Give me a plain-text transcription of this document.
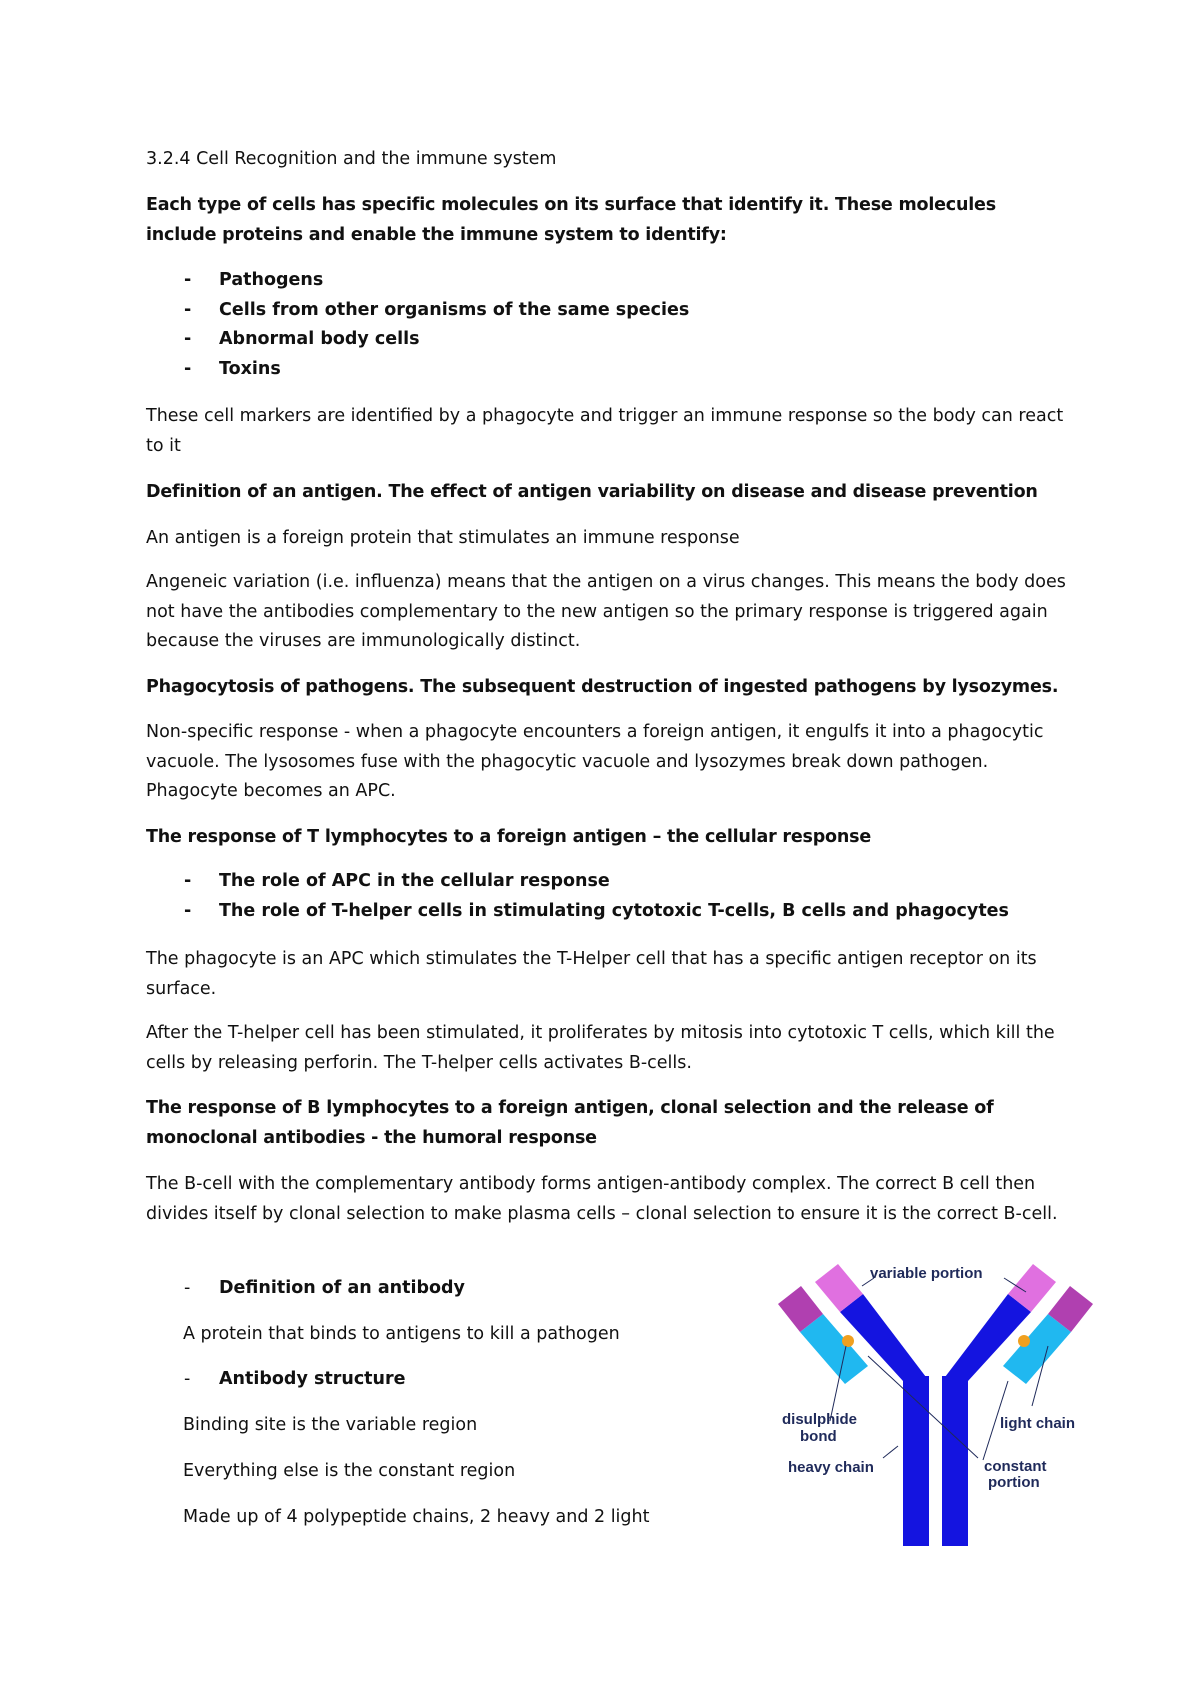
3.2.4 Cell Recognition and the immune system

Each type of cells has specific molecules on its surface that identify it. These molecules include proteins and enable the immune system to identify:

- Pathogens
- Cells from other organisms of the same species
- Abnormal body cells
- Toxins

These cell markers are identified by a phagocyte and trigger an immune response so the body can react to it

Definition of an antigen. The effect of antigen variability on disease and disease prevention

An antigen is a foreign protein that stimulates an immune response

Angeneic variation (i.e. influenza) means that the antigen on a virus changes. This means the body does not have the antibodies complementary to the new antigen so the primary response is triggered again because the viruses are immunologically distinct.

Phagocytosis of pathogens. The subsequent destruction of ingested pathogens by lysozymes.

Non-specific response - when a phagocyte encounters a foreign antigen, it engulfs it into a phagocytic vacuole. The lysosomes fuse with the phagocytic vacuole and lysozymes break down pathogen. Phagocyte becomes an APC.

The response of T lymphocytes to a foreign antigen – the cellular response

- The role of APC in the cellular response
- The role of T-helper cells in stimulating cytotoxic T-cells, B cells and phagocytes

The phagocyte is an APC which stimulates the T-Helper cell that has a specific antigen receptor on its surface.

After the T-helper cell has been stimulated, it proliferates by mitosis into cytotoxic T cells, which kill the cells by releasing perforin. The T-helper cells activates B-cells.

The response of B lymphocytes to a foreign antigen, clonal selection and the release of monoclonal antibodies - the humoral response

The B-cell with the complementary antibody forms antigen-antibody complex. The correct B cell then divides itself by clonal selection to make plasma cells – clonal selection to ensure it is the correct B-cell.

- Definition of an antibody

A protein that binds to antigens to kill a pathogen

- Antibody structure

Binding site is the variable region

Everything else is the constant region

Made up of 4 polypeptide chains, 2 heavy and 2 light

variable portion
disulphide
bond
light chain
heavy chain	constant
portion
